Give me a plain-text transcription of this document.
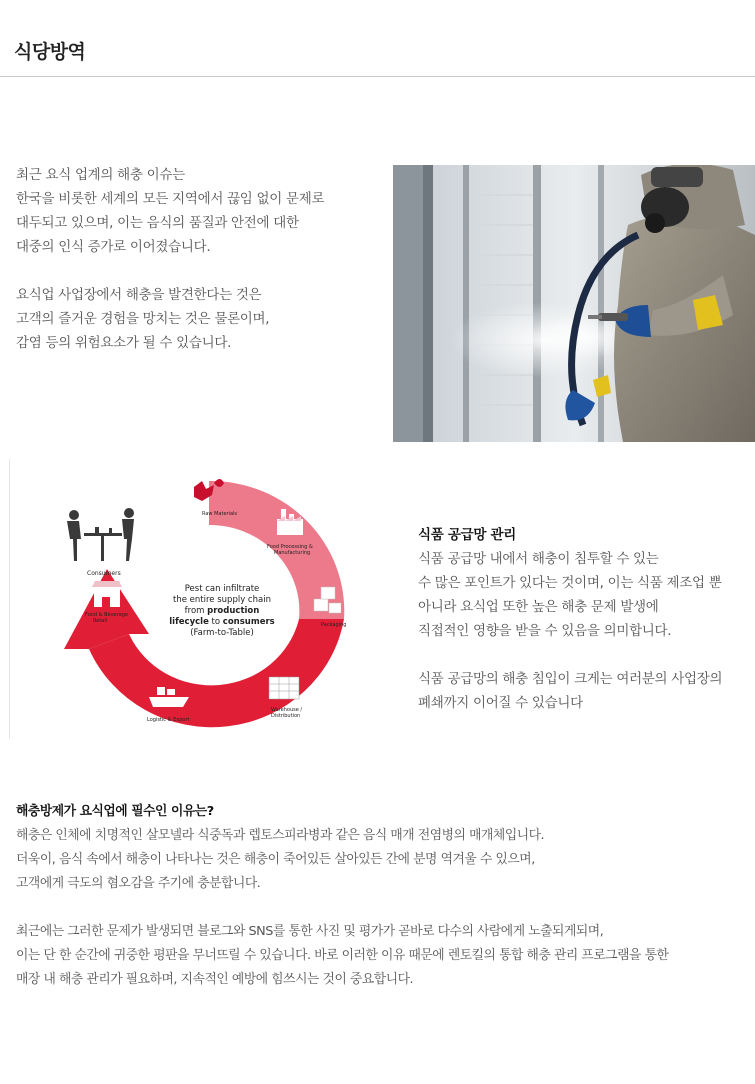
식당방역
최근 요식 업계의 해충 이슈는
한국을 비롯한 세계의 모든 지역에서 끊임 없이 문제로
대두되고 있으며, 이는 음식의 품질과 안전에 대한
대중의 인식 증가로 이어졌습니다.
요식업 사업장에서 해충을 발견한다는 것은
고객의 즐거운 경험을 망치는 것은 물론이며,
감염 등의 위험요소가 될 수 있습니다.
Pest can infiltrate
the entire supply chain
from production
lifecycle to consumers
(Farm-to-Table)
Raw Materials
Food Processing &
Manufacturing
Packaging
Warehouse /
Distribution
Logistic & Export
Food & Beverage
Retail
Consumers
식품 공급망 관리
식품 공급망 내에서 해충이 침투할 수 있는
수 많은 포인트가 있다는 것이며, 이는 식품 제조업 뿐
아니라 요식업 또한 높은 해충 문제 발생에
직접적인 영향을 받을 수 있음을 의미합니다.
식품 공급망의 해충 침입이 크게는 여러분의 사업장의
폐쇄까지 이어질 수 있습니다
해충방제가 요식업에 필수인 이유는?
해충은 인체에 치명적인 살모넬라 식중독과 렙토스피라병과 같은 음식 매개 전염병의 매개체입니다.
더욱이, 음식 속에서 해충이 나타나는 것은 해충이 죽어있든 살아있든 간에 분명 역겨울 수 있으며,
고객에게 극도의 혐오감을 주기에 충분합니다.
최근에는 그러한 문제가 발생되면 블로그와 SNS를 통한 사진 및 평가가 곧바로 다수의 사람에게 노출되게되며,
이는 단 한 순간에 귀중한 평판을 무너뜨릴 수 있습니다. 바로 이러한 이유 때문에 렌토킬의 통합 해충 관리 프로그램을 통한
매장 내 해충 관리가 필요하며, 지속적인 예방에 힘쓰시는 것이 중요합니다.
